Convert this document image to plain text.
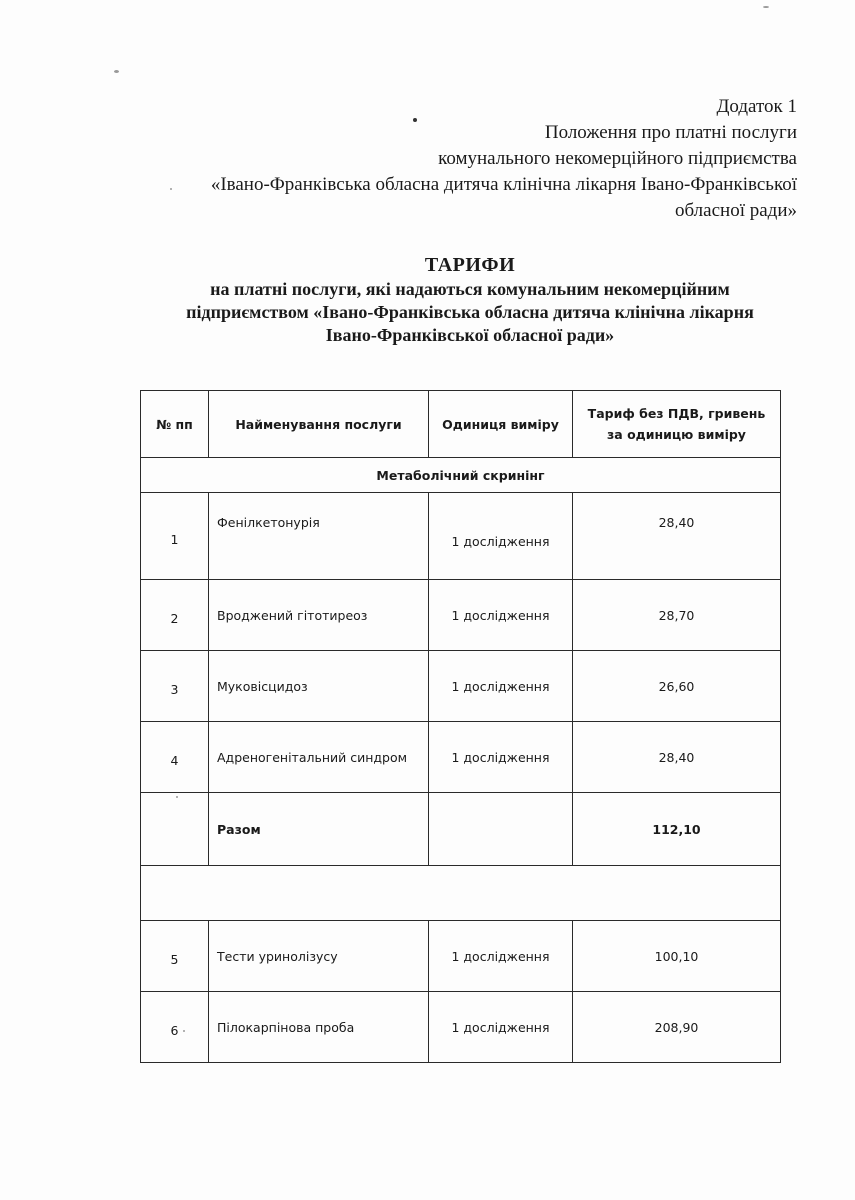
Додаток 1
Положення про платні послуги
комунального некомерційного підприємства
«Івано-Франківська обласна дитяча клінічна лікарня Івано-Франківської
обласної ради»
ТАРИФИ
на платні послуги, які надаються комунальним некомерційним
підприємством «Івано-Франківська обласна дитяча клінічна лікарня
Івано-Франківської обласної ради»
№ пп	Найменування послуги	Одиниця виміру	Тариф без ПДВ, гривень за одиницю виміру
Метаболічний скринінг			
1	Фенілкетонурія	1 дослідження	28,40
2	Вроджений гітотиреоз	1 дослідження	28,70
3	Муковісцидоз	1 дослідження	26,60
4	Адреногенітальний синдром	1 дослідження	28,40
	Разом		112,10

5	Тести уринолізусу	1 дослідження	100,10
6	Пілокарпінова проба	1 дослідження	208,90
